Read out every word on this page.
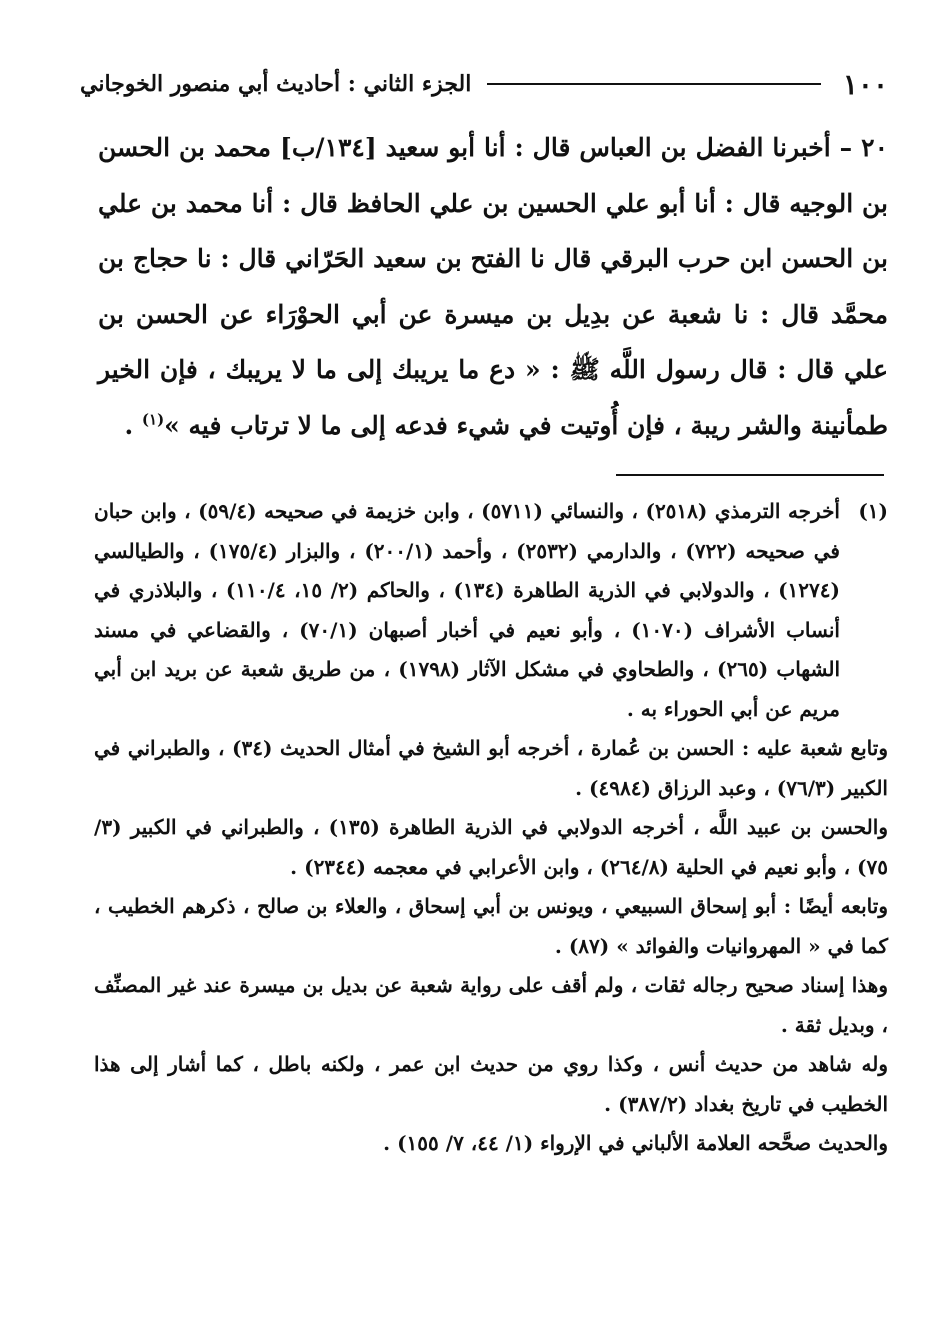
١٠٠
الجزء الثاني : أحاديث أبي منصور الخوجاني
٢٠ – أخبرنا الفضل بن العباس قال : أنا أبو سعيد [١٣٤/ب] محمد بن الحسن بن الوجيه قال : أنا أبو علي الحسين بن علي الحافظ قال : أنا محمد بن علي بن الحسن ابن حرب البرقي قال نا الفتح بن سعيد الحَرّاني قال : نا حجاج بن محمَّد قال : نا شعبة عن بدِيل بن ميسرة عن أبي الحوْرَاء عن الحسن بن علي قال : قال رسول اللَّه ﷺ : « دع ما يريبك إلى ما لا يريبك ، فإن الخير طمأنينة والشر ريبة ، فإن أُوتيت في شيء فدعه إلى ما لا ترتاب فيه »$^{(١)}$ .

(١)أخرجه الترمذي (٢٥١٨) ، والنسائي (٥٧١١) ، وابن خزيمة في صحيحه (٥٩/٤) ، وابن حبان في صحيحه (٧٢٢) ، والدارمي (٢٥٣٢) ، وأحمد (٢٠٠/١) ، والبزار (١٧٥/٤) ، والطيالسي (١٢٧٤) ، والدولابي في الذرية الطاهرة (١٣٤) ، والحاكم (٢/ ١٥، ١١٠/٤) ، والبلاذري في أنساب الأشراف (١٠٧٠) ، وأبو نعيم في أخبار أصبهان (٧٠/١) ، والقضاعي في مسند الشهاب (٢٦٥) ، والطحاوي في مشكل الآثار (١٧٩٨) ، من طريق شعبة عن بريد ابن أبي مريم عن أبي الحوراء به .

وتابع شعبة عليه : الحسن بن عُمارة ، أخرجه أبو الشيخ في أمثال الحديث (٣٤) ، والطبراني في الكبير (٧٦/٣) ، وعبد الرزاق (٤٩٨٤) .

والحسن بن عبيد اللَّه ، أخرجه الدولابي في الذرية الطاهرة (١٣٥) ، والطبراني في الكبير (٣/ ٧٥) ، وأبو نعيم في الحلية (٢٦٤/٨) ، وابن الأعرابي في معجمه (٢٣٤٤) .

وتابعه أيضًا : أبو إسحاق السبيعي ، ويونس بن أبي إسحاق ، والعلاء بن صالح ، ذكرهم الخطيب ، كما في « المهروانيات والفوائد » (٨٧) .

وهذا إسناد صحيح رجاله ثقات ، ولم أقف على رواية شعبة عن بديل بن ميسرة عند غير المصنِّف ، وبديل ثقة .

وله شاهد من حديث أنس ، وكذا روي من حديث ابن عمر ، ولكنه باطل ، كما أشار إلى هذا الخطيب في تاريخ بغداد (٣٨٧/٢) .

والحديث صحَّحه العلامة الألباني في الإرواء (١/ ٤٤، ٧/ ١٥٥) .
